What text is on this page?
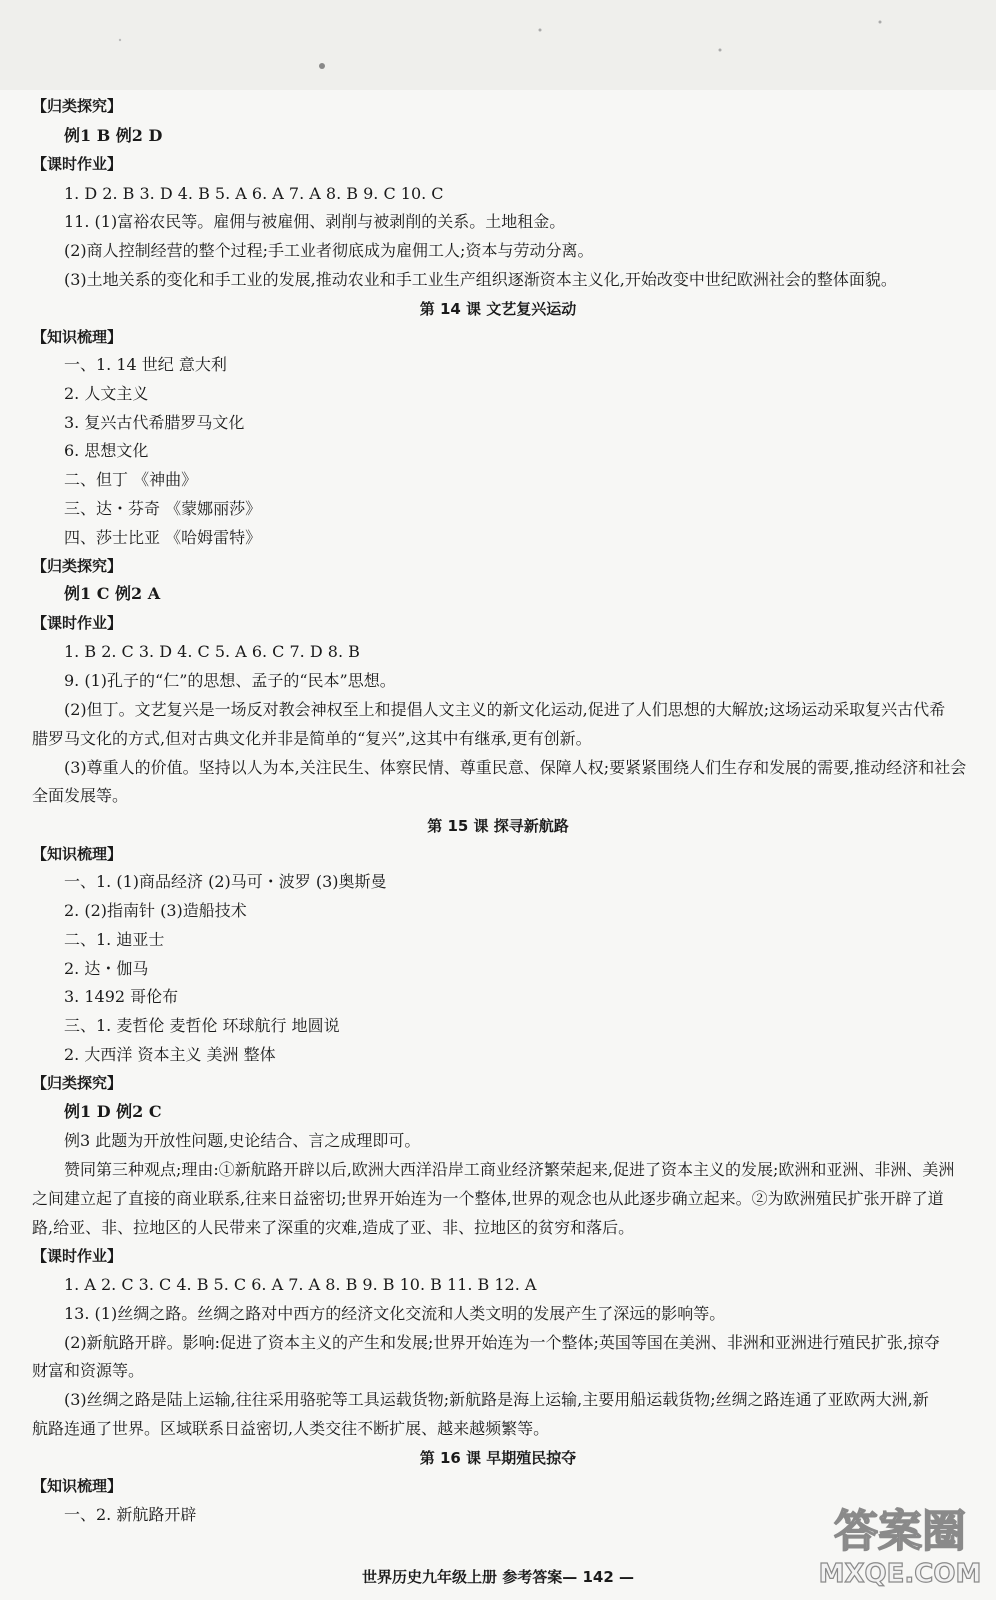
【归类探究】
例1 B 例2 D
【课时作业】
1. D 2. B 3. D 4. B 5. A 6. A 7. A 8. B 9. C 10. C
11. (1)富裕农民等。雇佣与被雇佣、剥削与被剥削的关系。土地租金。
(2)商人控制经营的整个过程;手工业者彻底成为雇佣工人;资本与劳动分离。
(3)土地关系的变化和手工业的发展,推动农业和手工业生产组织逐渐资本主义化,开始改变中世纪欧洲社会的整体面貌。
第 14 课 文艺复兴运动
【知识梳理】
一、1. 14 世纪 意大利
2. 人文主义
3. 复兴古代希腊罗马文化
6. 思想文化
二、但丁 《神曲》
三、达・芬奇 《蒙娜丽莎》
四、莎士比亚 《哈姆雷特》
【归类探究】
例1 C 例2 A
【课时作业】
1. B 2. C 3. D 4. C 5. A 6. C 7. D 8. B
9. (1)孔子的“仁”的思想、孟子的“民本”思想。
(2)但丁。文艺复兴是一场反对教会神权至上和提倡人文主义的新文化运动,促进了人们思想的大解放;这场运动采取复兴古代希
腊罗马文化的方式,但对古典文化并非是简单的“复兴”,这其中有继承,更有创新。
(3)尊重人的价值。坚持以人为本,关注民生、体察民情、尊重民意、保障人权;要紧紧围绕人们生存和发展的需要,推动经济和社会
全面发展等。
第 15 课 探寻新航路
【知识梳理】
一、1. (1)商品经济 (2)马可・波罗 (3)奥斯曼
2. (2)指南针 (3)造船技术
二、1. 迪亚士
2. 达・伽马
3. 1492 哥伦布
三、1. 麦哲伦 麦哲伦 环球航行 地圆说
2. 大西洋 资本主义 美洲 整体
【归类探究】
例1 D 例2 C
例3 此题为开放性问题,史论结合、言之成理即可。
赞同第三种观点;理由:①新航路开辟以后,欧洲大西洋沿岸工商业经济繁荣起来,促进了资本主义的发展;欧洲和亚洲、非洲、美洲
之间建立起了直接的商业联系,往来日益密切;世界开始连为一个整体,世界的观念也从此逐步确立起来。②为欧洲殖民扩张开辟了道
路,给亚、非、拉地区的人民带来了深重的灾难,造成了亚、非、拉地区的贫穷和落后。
【课时作业】
1. A 2. C 3. C 4. B 5. C 6. A 7. A 8. B 9. B 10. B 11. B 12. A
13. (1)丝绸之路。丝绸之路对中西方的经济文化交流和人类文明的发展产生了深远的影响等。
(2)新航路开辟。影响:促进了资本主义的产生和发展;世界开始连为一个整体;英国等国在美洲、非洲和亚洲进行殖民扩张,掠夺
财富和资源等。
(3)丝绸之路是陆上运输,往往采用骆驼等工具运载货物;新航路是海上运输,主要用船运载货物;丝绸之路连通了亚欧两大洲,新
航路连通了世界。区域联系日益密切,人类交往不断扩展、越来越频繁等。
第 16 课 早期殖民掠夺
【知识梳理】
一、2. 新航路开辟	答案圈
MXQE.COM
世界历史九年级上册 参考答案— 142 —
